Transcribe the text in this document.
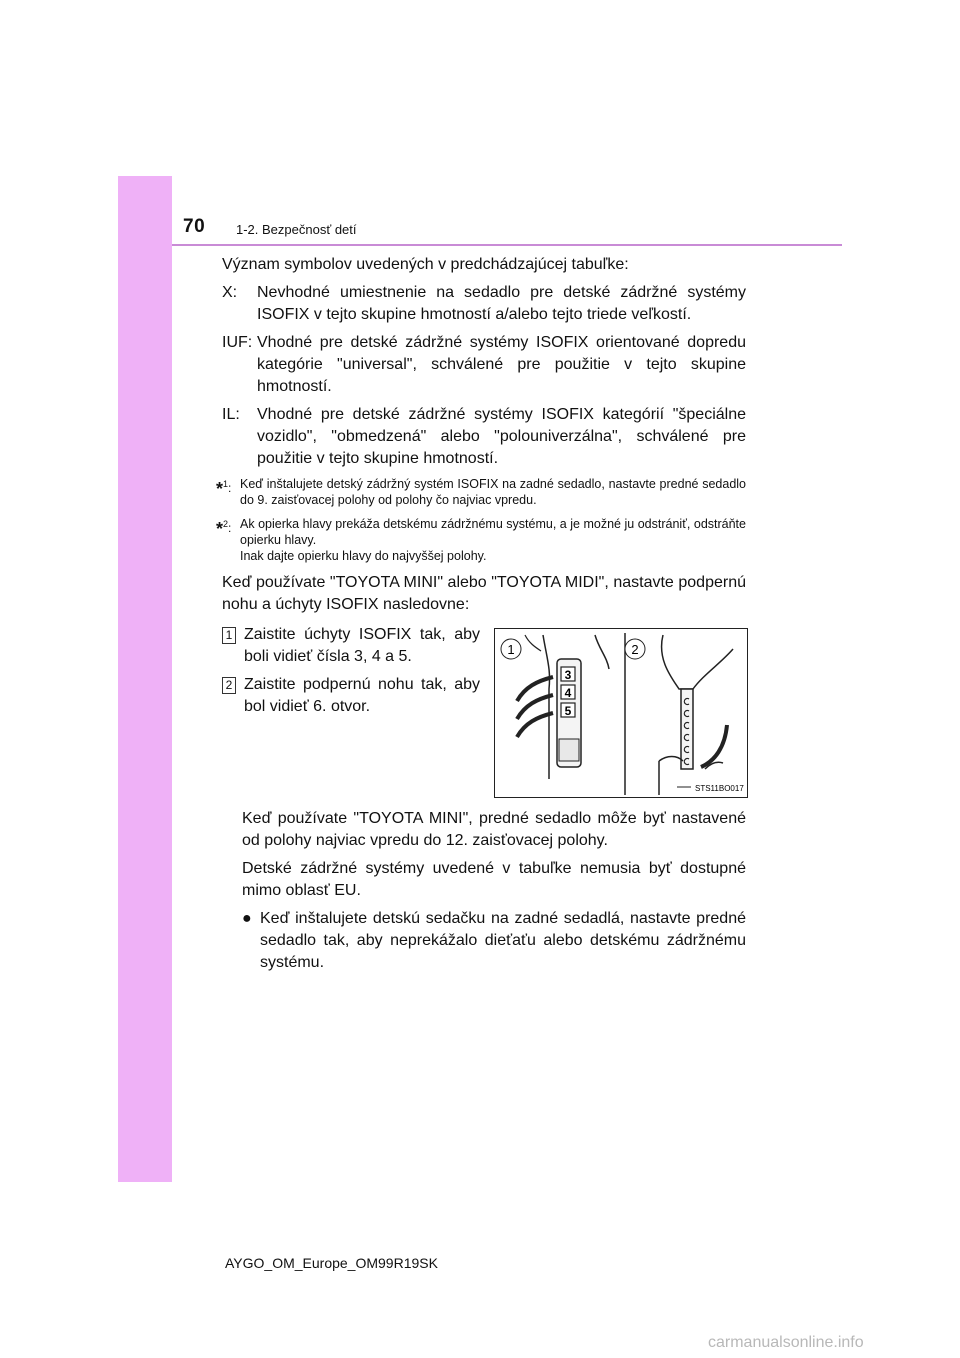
70 1-2. Bezpečnosť detí

Význam symbolov uvedených v predchádzajúcej tabuľke:

X:	Nevhodné umiestnenie na sedadlo pre detské zádržné systémy ISOFIX v tejto skupine hmotností a/alebo tejto triede veľkostí.
IUF: Vhodné pre detské zádržné systémy ISOFIX orientované dopredu kategórie "universal", schválené pre použitie v tejto skupine hmotností.
IL:	Vhodné pre detské zádržné systémy ISOFIX kategórií "špeciálne vozidlo", "obmedzená" alebo "polouniverzálna", schválené pre použitie v tejto skupine hmotností.
*$^1$: Keď inštalujete detský zádržný systém ISOFIX na zadné sedadlo, nastavte predné sedadlo do 9. zaisťovacej polohy od polohy čo najviac vpredu.
*$^2$: Ak opierka hlavy prekáža detskému zádržnému systému, a je možné ju odstrániť, odstráňte opierku hlavy.
Inak dajte opierku hlavy do najvyššej polohy.

Keď používate "TOYOTA MINI" alebo "TOYOTA MIDI", nastavte podpernú nohu a úchyty ISOFIX nasledovne:

1 Zaistite úchyty ISOFIX tak, aby boli vidieť čísla 3, 4 a 5.
2 Zaistite podpernú nohu tak, aby bol vidieť 6. otvor.
3
4
5
1	2
STS11BO017

Keď používate "TOYOTA MINI", predné sedadlo môže byť nastavené od polohy najviac vpredu do 12. zaisťovacej polohy.

Detské zádržné systémy uvedené v tabuľke nemusia byť dostupné mimo oblasť EU.

● Keď inštalujete detskú sedačku na zadné sedadlá, nastavte predné sedadlo tak, aby neprekážalo dieťaťu alebo detskému zádržnému systému.
AYGO_OM_Europe_OM99R19SK
carmanualsonline.info
